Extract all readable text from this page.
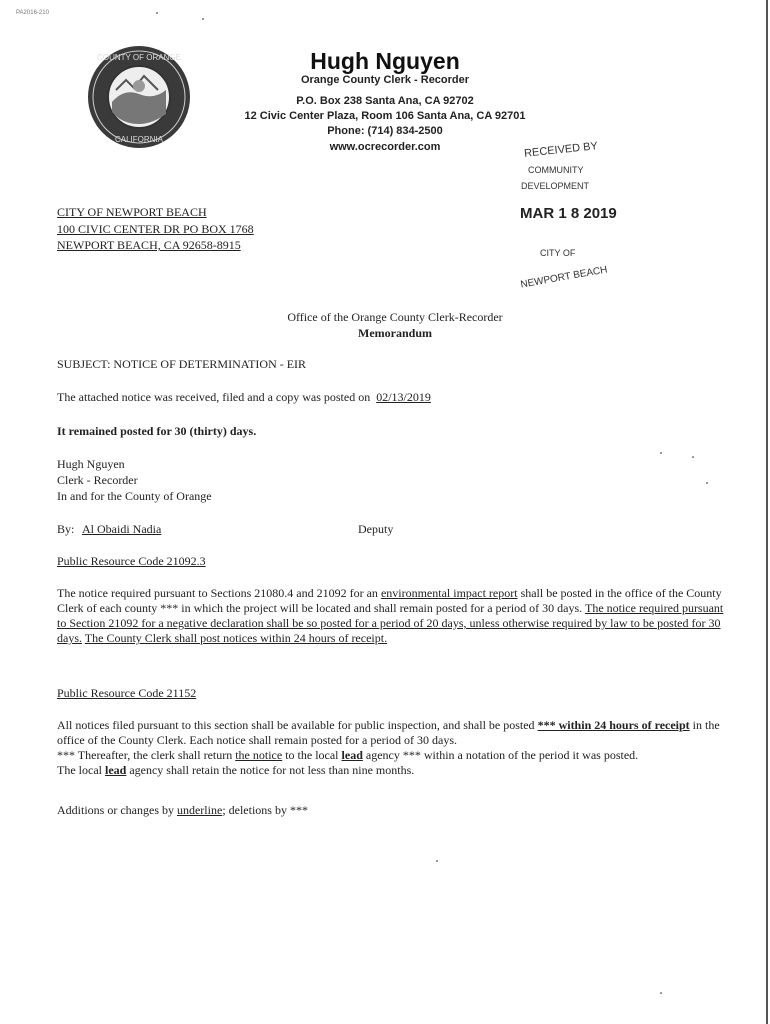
PA2016-210
COUNTY OF ORANGE
CALIFORNIA
Hugh Nguyen
Orange County Clerk - Recorder
P.O. Box 238 Santa Ana, CA 92702
12 Civic Center Plaza, Room 106 Santa Ana, CA 92701
Phone: (714) 834-2500
www.ocrecorder.com	RECEIVED BY
COMMUNITY
DEVELOPMENT
MAR 1 8 2019
CITY OF
NEWPORT BEACH
CITY OF NEWPORT BEACH
100 CIVIC CENTER DR PO BOX 1768
NEWPORT BEACH, CA 92658-8915
Office of the Orange County Clerk-Recorder
Memorandum
SUBJECT: NOTICE OF DETERMINATION - EIR
The attached notice was received, filed and a copy was posted on 02/13/2019
It remained posted for 30 (thirty) days.
Hugh Nguyen
Clerk - Recorder
In and for the County of Orange
By: Al Obaidi Nadia	Deputy
Public Resource Code 21092.3
The notice required pursuant to Sections 21080.4 and 21092 for an environmental impact report shall be posted in the office of the County Clerk of each county *** in which the project will be located and shall remain posted for a period of 30 days. The notice required pursuant to Section 21092 for a negative declaration shall be so posted for a period of 20 days, unless otherwise required by law to be posted for 30 days. The County Clerk shall post notices within 24 hours of receipt.
Public Resource Code 21152
All notices filed pursuant to this section shall be available for public inspection, and shall be posted *** within 24 hours of receipt in the office of the County Clerk. Each notice shall remain posted for a period of 30 days.
*** Thereafter, the clerk shall return the notice to the local lead agency *** within a notation of the period it was posted.
The local lead agency shall retain the notice for not less than nine months.
Additions or changes by underline; deletions by ***
